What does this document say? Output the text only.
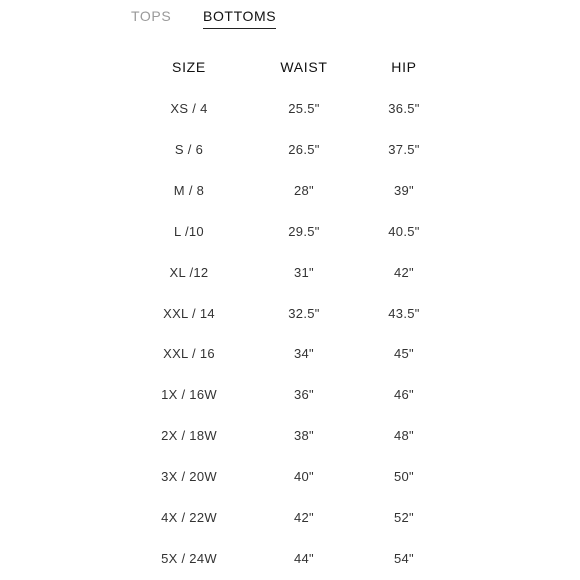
TOPS BOTTOMS
SIZE	WAIST	HIP
XS / 4	25.5"	36.5"
S / 6	26.5"	37.5"
M / 8	28"	39"
L /10	29.5"	40.5"
XL /12	31"	42"
XXL / 14	32.5"	43.5"
XXL / 16	34"	45"
1X / 16W	36"	46"
2X / 18W	38"	48"
3X / 20W	40"	50"
4X / 22W	42"	52"
5X / 24W	44"	54"
